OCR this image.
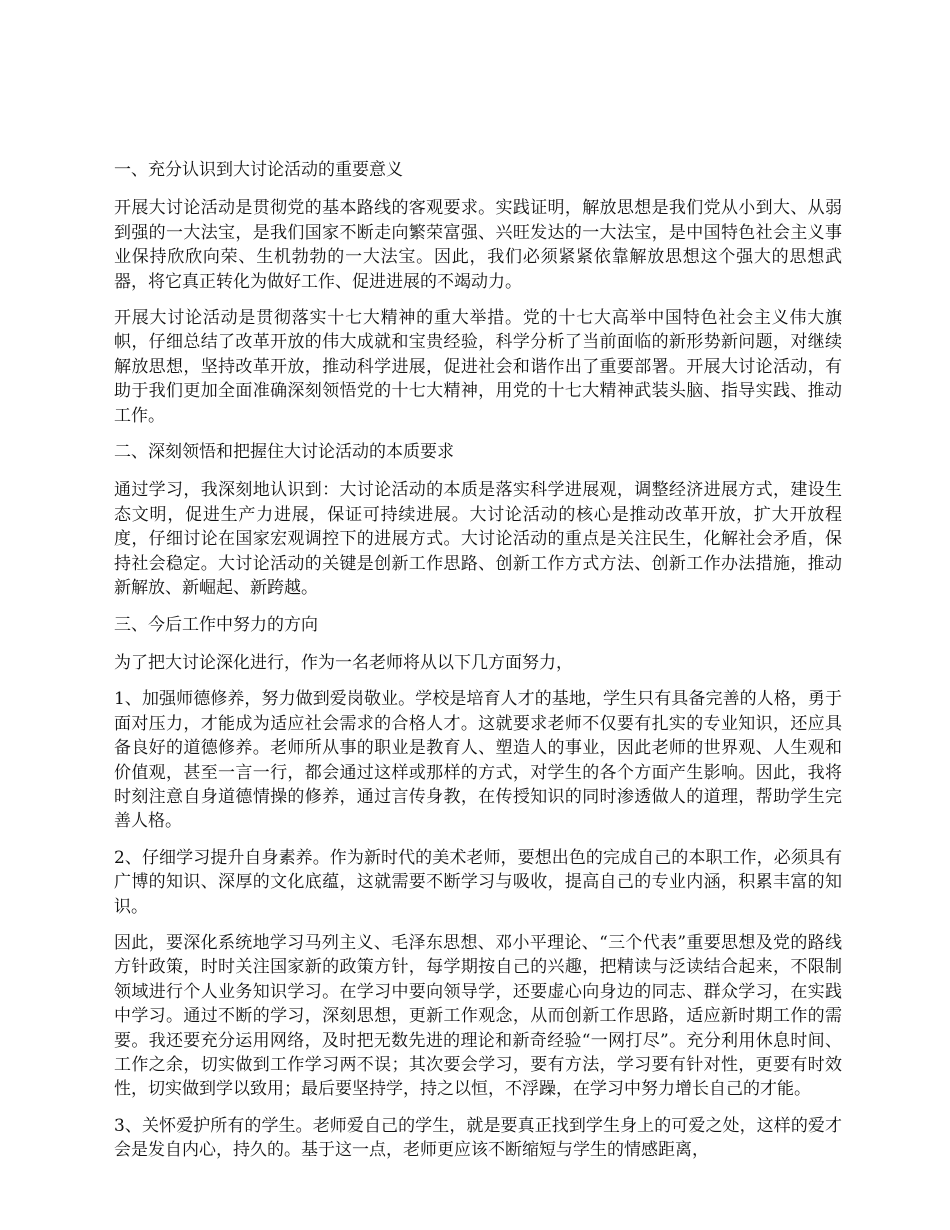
一、充分认识到大讨论活动的重要意义

开展大讨论活动是贯彻党的基本路线的客观要求。实践证明，解放思想是我们党从小到大、从弱到强的一大法宝，是我们国家不断走向繁荣富强、兴旺发达的一大法宝，是中国特色社会主义事业保持欣欣向荣、生机勃勃的一大法宝。因此，我们必须紧紧依靠解放思想这个强大的思想武器，将它真正转化为做好工作、促进进展的不竭动力。

开展大讨论活动是贯彻落实十七大精神的重大举措。党的十七大高举中国特色社会主义伟大旗帜，仔细总结了改革开放的伟大成就和宝贵经验，科学分析了当前面临的新形势新问题，对继续解放思想，坚持改革开放，推动科学进展，促进社会和谐作出了重要部署。开展大讨论活动，有助于我们更加全面准确深刻领悟党的十七大精神，用党的十七大精神武装头脑、指导实践、推动工作。

二、深刻领悟和把握住大讨论活动的本质要求

通过学习，我深刻地认识到：大讨论活动的本质是落实科学进展观，调整经济进展方式，建设生态文明，促进生产力进展，保证可持续进展。大讨论活动的核心是推动改革开放，扩大开放程度，仔细讨论在国家宏观调控下的进展方式。大讨论活动的重点是关注民生，化解社会矛盾，保持社会稳定。大讨论活动的关键是创新工作思路、创新工作方式方法、创新工作办法措施，推动新解放、新崛起、新跨越。

三、今后工作中努力的方向

为了把大讨论深化进行，作为一名老师将从以下几方面努力，

1、加强师德修养，努力做到爱岗敬业。学校是培育人才的基地，学生只有具备完善的人格，勇于面对压力，才能成为适应社会需求的合格人才。这就要求老师不仅要有扎实的专业知识，还应具备良好的道德修养。老师所从事的职业是教育人、塑造人的事业，因此老师的世界观、人生观和价值观，甚至一言一行，都会通过这样或那样的方式，对学生的各个方面产生影响。因此，我将时刻注意自身道德情操的修养，通过言传身教，在传授知识的同时渗透做人的道理，帮助学生完善人格。

2、仔细学习提升自身素养。作为新时代的美术老师，要想出色的完成自己的本职工作，必须具有广博的知识、深厚的文化底蕴，这就需要不断学习与吸收，提高自己的专业内涵，积累丰富的知识。

因此，要深化系统地学习马列主义、毛泽东思想、邓小平理论、“三个代表”重要思想及党的路线方针政策，时时关注国家新的政策方针，每学期按自己的兴趣，把精读与泛读结合起来，不限制领域进行个人业务知识学习。在学习中要向领导学，还要虚心向身边的同志、群众学习，在实践中学习。通过不断的学习，深刻思想，更新工作观念，从而创新工作思路，适应新时期工作的需要。我还要充分运用网络，及时把无数先进的理论和新奇经验“一网打尽”。充分利用休息时间、工作之余，切实做到工作学习两不误；其次要会学习，要有方法，学习要有针对性，更要有时效性，切实做到学以致用；最后要坚持学，持之以恒，不浮躁，在学习中努力增长自己的才能。

3、关怀爱护所有的学生。老师爱自己的学生，就是要真正找到学生身上的可爱之处，这样的爱才会是发自内心，持久的。基于这一点，老师更应该不断缩短与学生的情感距离，
